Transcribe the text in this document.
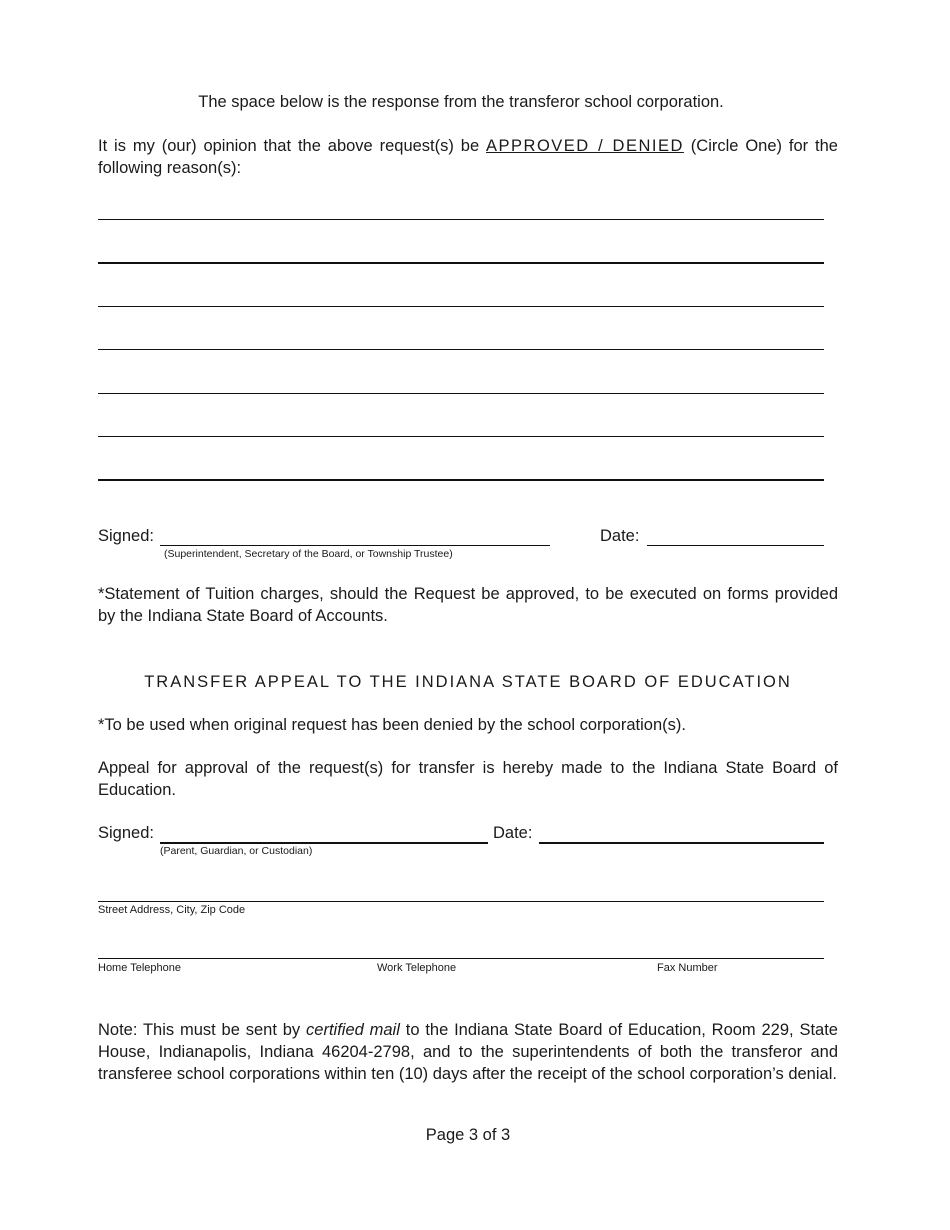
The space below is the response from the transferor school corporation.
It is my (our) opinion that the above request(s) be APPROVED / DENIED (Circle One) for the following reason(s):
Signed:
(Superintendent, Secretary of the Board, or Township Trustee)
Date:
*Statement of Tuition charges, should the Request be approved, to be executed on forms provided by the Indiana State Board of Accounts.
TRANSFER APPEAL TO THE INDIANA STATE BOARD OF EDUCATION
*To be used when original request has been denied by the school corporation(s).
Appeal for approval of the request(s) for transfer is hereby made to the Indiana State Board of Education.
Signed:
(Parent, Guardian, or Custodian)
Date:
Street Address, City, Zip Code
Home Telephone	Work Telephone	Fax Number
Note: This must be sent by certified mail to the Indiana State Board of Education, Room 229, State House, Indianapolis, Indiana 46204-2798, and to the superintendents of both the transferor and transferee school corporations within ten (10) days after the receipt of the school corporation’s denial.
Page 3 of 3
